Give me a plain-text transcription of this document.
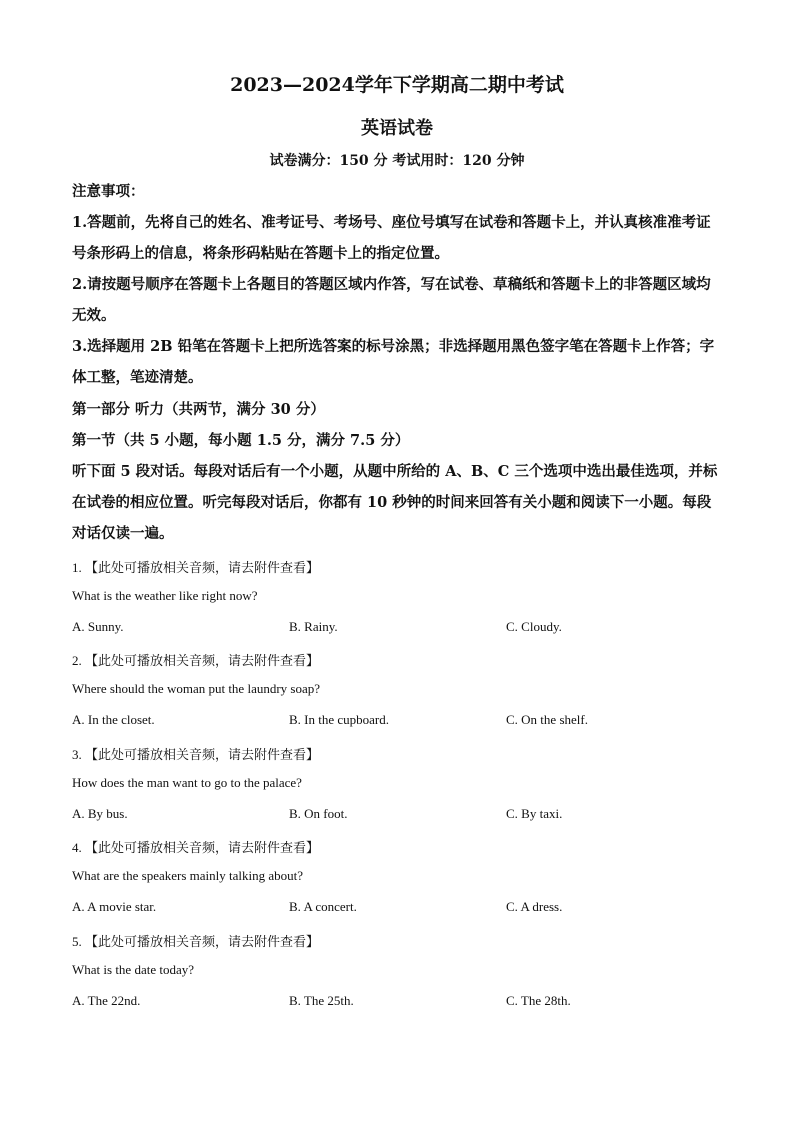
2023—2024学年下学期高二期中考试
英语试卷
试卷满分：150 分 考试用时：120 分钟

注意事项：

1.答题前，先将自己的姓名、准考证号、考场号、座位号填写在试卷和答题卡上，并认真核准准考证号条形码上的信息，将条形码粘贴在答题卡上的指定位置。

2.请按题号顺序在答题卡上各题目的答题区域内作答，写在试卷、草稿纸和答题卡上的非答题区域均无效。

3.选择题用 2B 铅笔在答题卡上把所选答案的标号涂黑；非选择题用黑色签字笔在答题卡上作答；字体工整，笔迹清楚。

第一部分 听力（共两节，满分 30 分）

第一节（共 5 小题，每小题 1.5 分，满分 7.5 分）

听下面 5 段对话。每段对话后有一个小题，从题中所给的 A、B、C 三个选项中选出最佳选项，并标在试卷的相应位置。听完每段对话后，你都有 10 秒钟的时间来回答有关小题和阅读下一小题。每段对话仅读一遍。

1. 【此处可播放相关音频，请去附件查看】
What is the weather like right now?
A. Sunny.	B. Rainy.	C. Cloudy.
2. 【此处可播放相关音频，请去附件查看】
Where should the woman put the laundry soap?
A. In the closet.	B. In the cupboard.	C. On the shelf.
3. 【此处可播放相关音频，请去附件查看】
How does the man want to go to the palace?
A. By bus.	B. On foot.	C. By taxi.
4. 【此处可播放相关音频，请去附件查看】
What are the speakers mainly talking about?
A. A movie star.	B. A concert.	C. A dress.
5. 【此处可播放相关音频，请去附件查看】
What is the date today?
A. The 22nd.	B. The 25th.	C. The 28th.
